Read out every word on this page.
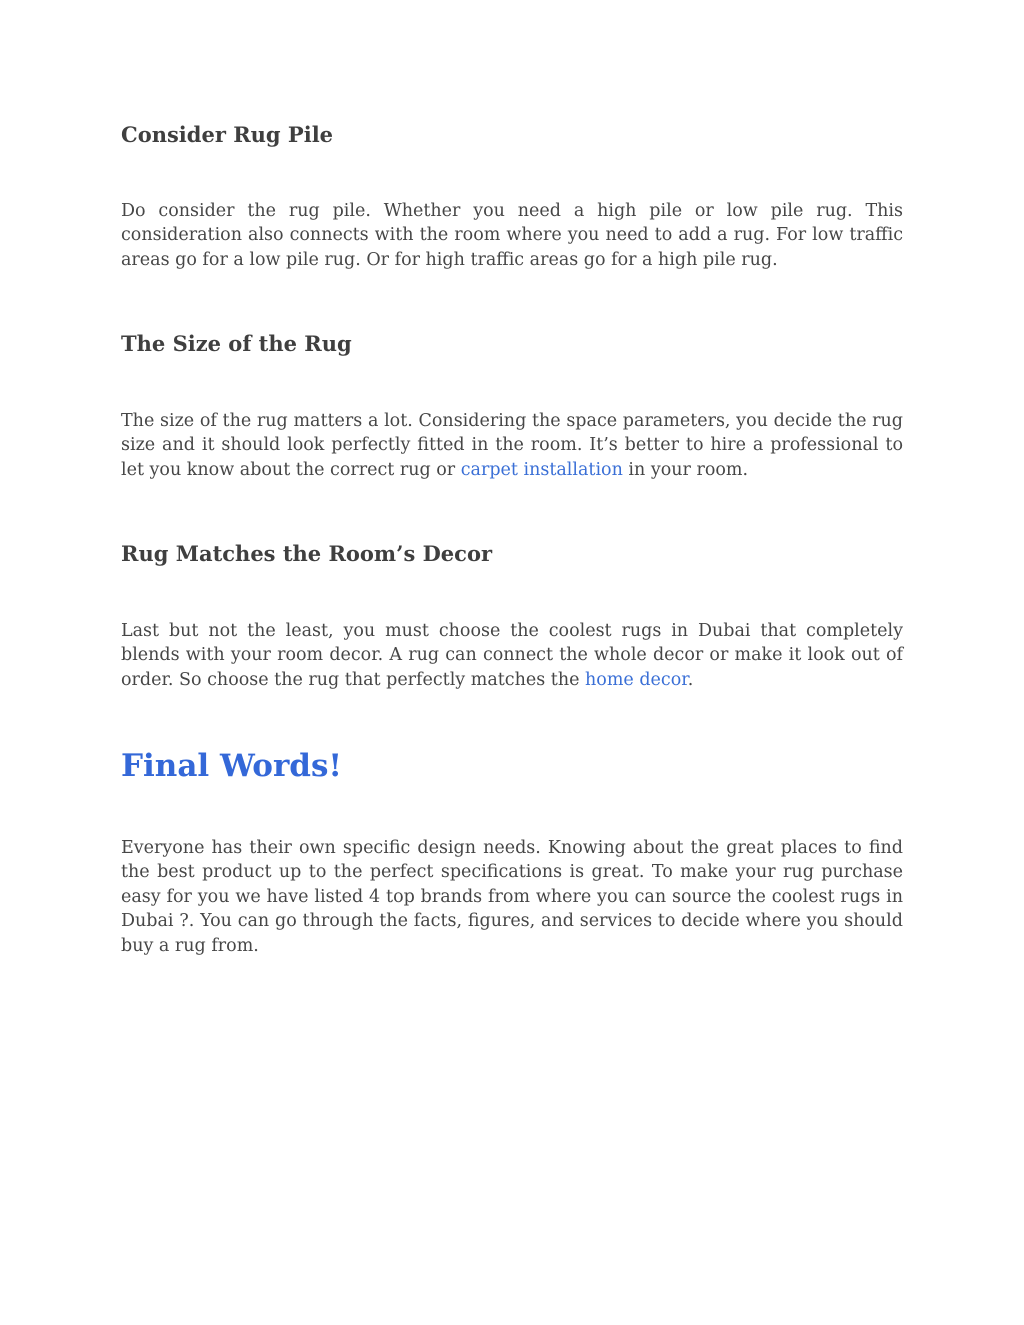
Consider Rug Pile

Do consider the rug pile. Whether you need a high pile or low pile rug. This consideration also connects with the room where you need to add a rug. For low traffic areas go for a low pile rug. Or for high traffic areas go for a high pile rug.

The Size of the Rug

The size of the rug matters a lot. Considering the space parameters, you decide the rug size and it should look perfectly fitted in the room. It’s better to hire a professional to let you know about the correct rug or carpet installation in your room.

Rug Matches the Room’s Decor

Last but not the least, you must choose the coolest rugs in Dubai that completely blends with your room decor. A rug can connect the whole decor or make it look out of order. So choose the rug that perfectly matches the home decor.

Final Words!

Everyone has their own specific design needs. Knowing about the great places to find the best product up to the perfect specifications is great. To make your rug purchase easy for you we have listed 4 top brands from where you can source the coolest rugs in Dubai ?. You can go through the facts, figures, and services to decide where you should buy a rug from.
